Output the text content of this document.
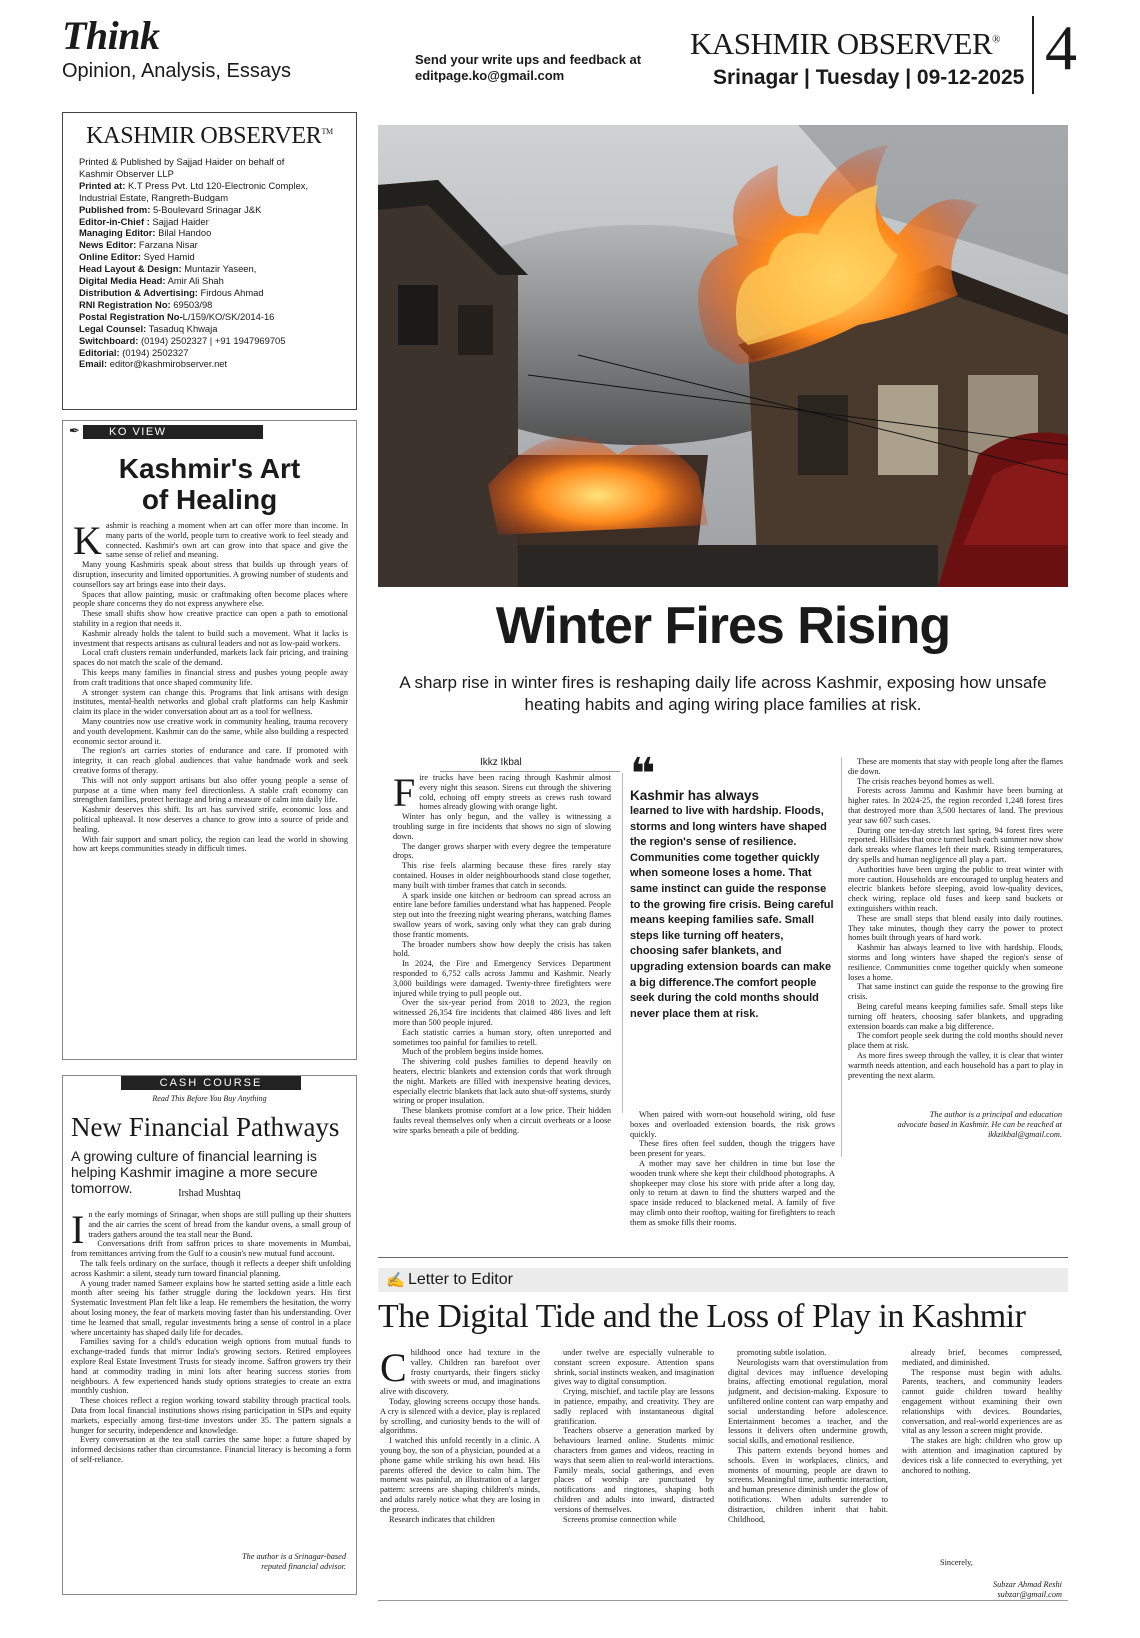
Think
Opinion, Analysis, Essays
Send your write ups and feedback at
editpage.ko@gmail.com
KASHMIR OBSERVER®
Srinagar | Tuesday | 09-12-2025 4
KASHMIR OBSERVER™
Printed & Published by Sajjad Haider on behalf of
Kashmir Observer LLP
Printed at: K.T Press Pvt. Ltd 120-Electronic Complex,
Industrial Estate, Rangreth-Budgam
Published from: 5-Boulevard Srinagar J&K
Editor-in-Chief : Sajjad Haider
Managing Editor: Bilal Handoo
News Editor: Farzana Nisar
Online Editor: Syed Hamid
Head Layout & Design: Muntazir Yaseen,
Digital Media Head: Amir Ali Shah
Distribution & Advertising: Firdous Ahmad
RNI Registration No: 69503/98
Postal Registration No-L/159/KO/SK/2014-16
Legal Counsel: Tasaduq Khwaja
Switchboard: (0194) 2502327 | +91 1947969705
Editorial: (0194) 2502327
Email: editor@kashmirobserver.net
✒	KO VIEW
Kashmir's Art
of Healing

Kashmir is reaching a moment when art can offer more than income. In many parts of the world, people turn to creative work to feel steady and connected. Kashmir's own art can grow into that space and give the same sense of relief and meaning.

Many young Kashmiris speak about stress that builds up through years of disruption, insecurity and limited opportunities. A growing number of students and counsellors say art brings ease into their days.

Spaces that allow painting, music or craftmaking often become places where people share concerns they do not express anywhere else.

These small shifts show how creative practice can open a path to emotional stability in a region that needs it.

Kashmir already holds the talent to build such a movement. What it lacks is investment that respects artisans as cultural leaders and not as low-paid workers.

Local craft clusters remain underfunded, markets lack fair pricing, and training spaces do not match the scale of the demand.

This keeps many families in financial stress and pushes young people away from craft traditions that once shaped community life.

A stronger system can change this. Programs that link artisans with design institutes, mental-health networks and global craft platforms can help Kashmir claim its place in the wider conversation about art as a tool for wellness.

Many countries now use creative work in community healing, trauma recovery and youth development. Kashmir can do the same, while also building a respected economic sector around it.

The region's art carries stories of endurance and care. If promoted with integrity, it can reach global audiences that value handmade work and seek creative forms of therapy.

This will not only support artisans but also offer young people a sense of purpose at a time when many feel directionless. A stable craft economy can strengthen families, protect heritage and bring a measure of calm into daily life.

Kashmir deserves this shift. Its art has survived strife, economic loss and political upheaval. It now deserves a chance to grow into a source of pride and healing.

With fair support and smart policy, the region can lead the world in showing how art keeps communities steady in difficult times.

CASH COURSE
Read This Before You Buy Anything
New Financial Pathways
A growing culture of financial learning is helping Kashmir imagine a more secure tomorrow.	Irshad Mushtaq

In the early mornings of Srinagar, when shops are still pulling up their shutters and the air carries the scent of bread from the kandur ovens, a small group of traders gathers around the tea stall near the Bund.

Conversations drift from saffron prices to share movements in Mumbai, from remittances arriving from the Gulf to a cousin's new mutual fund account.

The talk feels ordinary on the surface, though it reflects a deeper shift unfolding across Kashmir: a silent, steady turn toward financial planning.

A young trader named Sameer explains how he started setting aside a little each month after seeing his father struggle during the lockdown years. His first Systematic Investment Plan felt like a leap. He remembers the hesitation, the worry about losing money, the fear of markets moving faster than his understanding. Over time he learned that small, regular investments bring a sense of control in a place where uncertainty has shaped daily life for decades.

Families saving for a child's education weigh options from mutual funds to exchange-traded funds that mirror India's growing sectors. Retired employees explore Real Estate Investment Trusts for steady income. Saffron growers try their hand at commodity trading in mini lots after hearing success stories from neighbours. A few experienced hands study options strategies to create an extra monthly cushion.

These choices reflect a region working toward stability through practical tools. Data from local financial institutions shows rising participation in SIPs and equity markets, especially among first-time investors under 35. The pattern signals a hunger for security, independence and knowledge.

Every conversation at the tea stall carries the same hope: a future shaped by informed decisions rather than circumstance. Financial literacy is becoming a form of self-reliance.

The author is a Srinagar-based
reputed financial advisor.
Winter Fires Rising
A sharp rise in winter fires is reshaping daily life across Kashmir, exposing how unsafe heating habits and aging wiring place families at risk.
Ikkz Ikbal

Fire trucks have been racing through Kashmir almost every night this season. Sirens cut through the shivering cold, echoing off empty streets as crews rush toward homes already glowing with orange light.

Winter has only begun, and the valley is witnessing a troubling surge in fire incidents that shows no sign of slowing down.

The danger grows sharper with every degree the temperature drops.

This rise feels alarming because these fires rarely stay contained. Houses in older neighbourhoods stand close together, many built with timber frames that catch in seconds.

A spark inside one kitchen or bedroom can spread across an entire lane before families understand what has happened. People step out into the freezing night wearing pherans, watching flames swallow years of work, saving only what they can grab during those frantic moments.

The broader numbers show how deeply the crisis has taken hold.

In 2024, the Fire and Emergency Services Department responded to 6,752 calls across Jammu and Kashmir. Nearly 3,000 buildings were damaged. Twenty-three firefighters were injured while trying to pull people out.

Over the six-year period from 2018 to 2023, the region witnessed 26,354 fire incidents that claimed 486 lives and left more than 500 people injured.

Each statistic carries a human story, often unreported and sometimes too painful for families to retell.

Much of the problem begins inside homes.

The shivering cold pushes families to depend heavily on heaters, electric blankets and extension cords that work through the night. Markets are filled with inexpensive heating devices, especially electric blankets that lack auto shut-off systems, sturdy wiring or proper insulation.

These blankets promise comfort at a low price. Their hidden faults reveal themselves only when a circuit overheats or a loose wire sparks beneath a pile of bedding.

❝
Kashmir has always
learned to live with hardship. Floods, storms and long winters have shaped the region's sense of resilience. Communities come together quickly when someone loses a home. That same instinct can guide the response to the growing fire crisis. Being careful means keeping families safe. Small steps like turning off heaters, choosing safer blankets, and upgrading extension boards can make a big difference.The comfort people seek during the cold months should never place them at risk.

When paired with worn-out household wiring, old fuse boxes and overloaded extension boards, the risk grows quickly.

These fires often feel sudden, though the triggers have been present for years.

A mother may save her children in time but lose the wooden trunk where she kept their childhood photographs. A shopkeeper may close his store with pride after a long day, only to return at dawn to find the shutters warped and the space inside reduced to blackened metal. A family of five may climb onto their rooftop, waiting for firefighters to reach them as smoke fills their rooms.

These are moments that stay with people long after the flames die down.

The crisis reaches beyond homes as well.

Forests across Jammu and Kashmir have been burning at higher rates. In 2024-25, the region recorded 1,248 forest fires that destroyed more than 3,500 hectares of land. The previous year saw 607 such cases.

During one ten-day stretch last spring, 94 forest fires were reported. Hillsides that once turned lush each summer now show dark streaks where flames left their mark. Rising temperatures, dry spells and human negligence all play a part.

Authorities have been urging the public to treat winter with more caution. Households are encouraged to unplug heaters and electric blankets before sleeping, avoid low-quality devices, check wiring, replace old fuses and keep sand buckets or extinguishers within reach.

These are small steps that blend easily into daily routines. They take minutes, though they carry the power to protect homes built through years of hard work.

Kashmir has always learned to live with hardship. Floods, storms and long winters have shaped the region's sense of resilience. Communities come together quickly when someone loses a home.

That same instinct can guide the response to the growing fire crisis.

Being careful means keeping families safe. Small steps like turning off heaters, choosing safer blankets, and upgrading extension boards can make a big difference.

The comfort people seek during the cold months should never place them at risk.

As more fires sweep through the valley, it is clear that winter warmth needs attention, and each household has a part to play in preventing the next alarm.

The author is a principal and education
advocate based in Kashmir. He can be reached at
ikkzikbal@gmail.com.
✍ Letter to Editor
The Digital Tide and the Loss of Play in Kashmir

Childhood once had texture in the valley. Children ran barefoot over frosty courtyards, their fingers sticky with sweets or mud, and imaginations alive with discovery.

Today, glowing screens occupy those hands. A cry is silenced with a device, play is replaced by scrolling, and curiosity bends to the will of algorithms.

I watched this unfold recently in a clinic. A young boy, the son of a physician, pounded at a phone game while striking his own head. His parents offered the device to calm him. The moment was painful, an illustration of a larger pattern: screens are shaping children's minds, and adults rarely notice what they are losing in the process.

Research indicates that children

under twelve are especially vulnerable to constant screen exposure. Attention spans shrink, social instincts weaken, and imagination gives way to digital consumption.

Crying, mischief, and tactile play are lessons in patience, empathy, and creativity. They are sadly replaced with instantaneous digital gratification.

Teachers observe a generation marked by behaviours learned online. Students mimic characters from games and videos, reacting in ways that seem alien to real-world interactions. Family meals, social gatherings, and even places of worship are punctuated by notifications and ringtones, shaping both children and adults into inward, distracted versions of themselves.

Screens promise connection while

promoting subtle isolation.

Neurologists warn that overstimulation from digital devices may influence developing brains, affecting emotional regulation, moral judgment, and decision-making. Exposure to unfiltered online content can warp empathy and social understanding before adolescence. Entertainment becomes a teacher, and the lessons it delivers often undermine growth, social skills, and emotional resilience.

This pattern extends beyond homes and schools. Even in workplaces, clinics, and moments of mourning, people are drawn to screens. Meaningful time, authentic interaction, and human presence diminish under the glow of notifications. When adults surrender to distraction, children inherit that habit. Childhood,

already brief, becomes compressed, mediated, and diminished.

The response must begin with adults. Parents, teachers, and community leaders cannot guide children toward healthy engagement without examining their own relationships with devices. Boundaries, conversation, and real-world experiences are as vital as any lesson a screen might provide.

The stakes are high: children who grow up with attention and imagination captured by devices risk a life connected to everything, yet anchored to nothing.

Sincerely,
Subzar Ahmad Reshi
subzar@gmail.com
